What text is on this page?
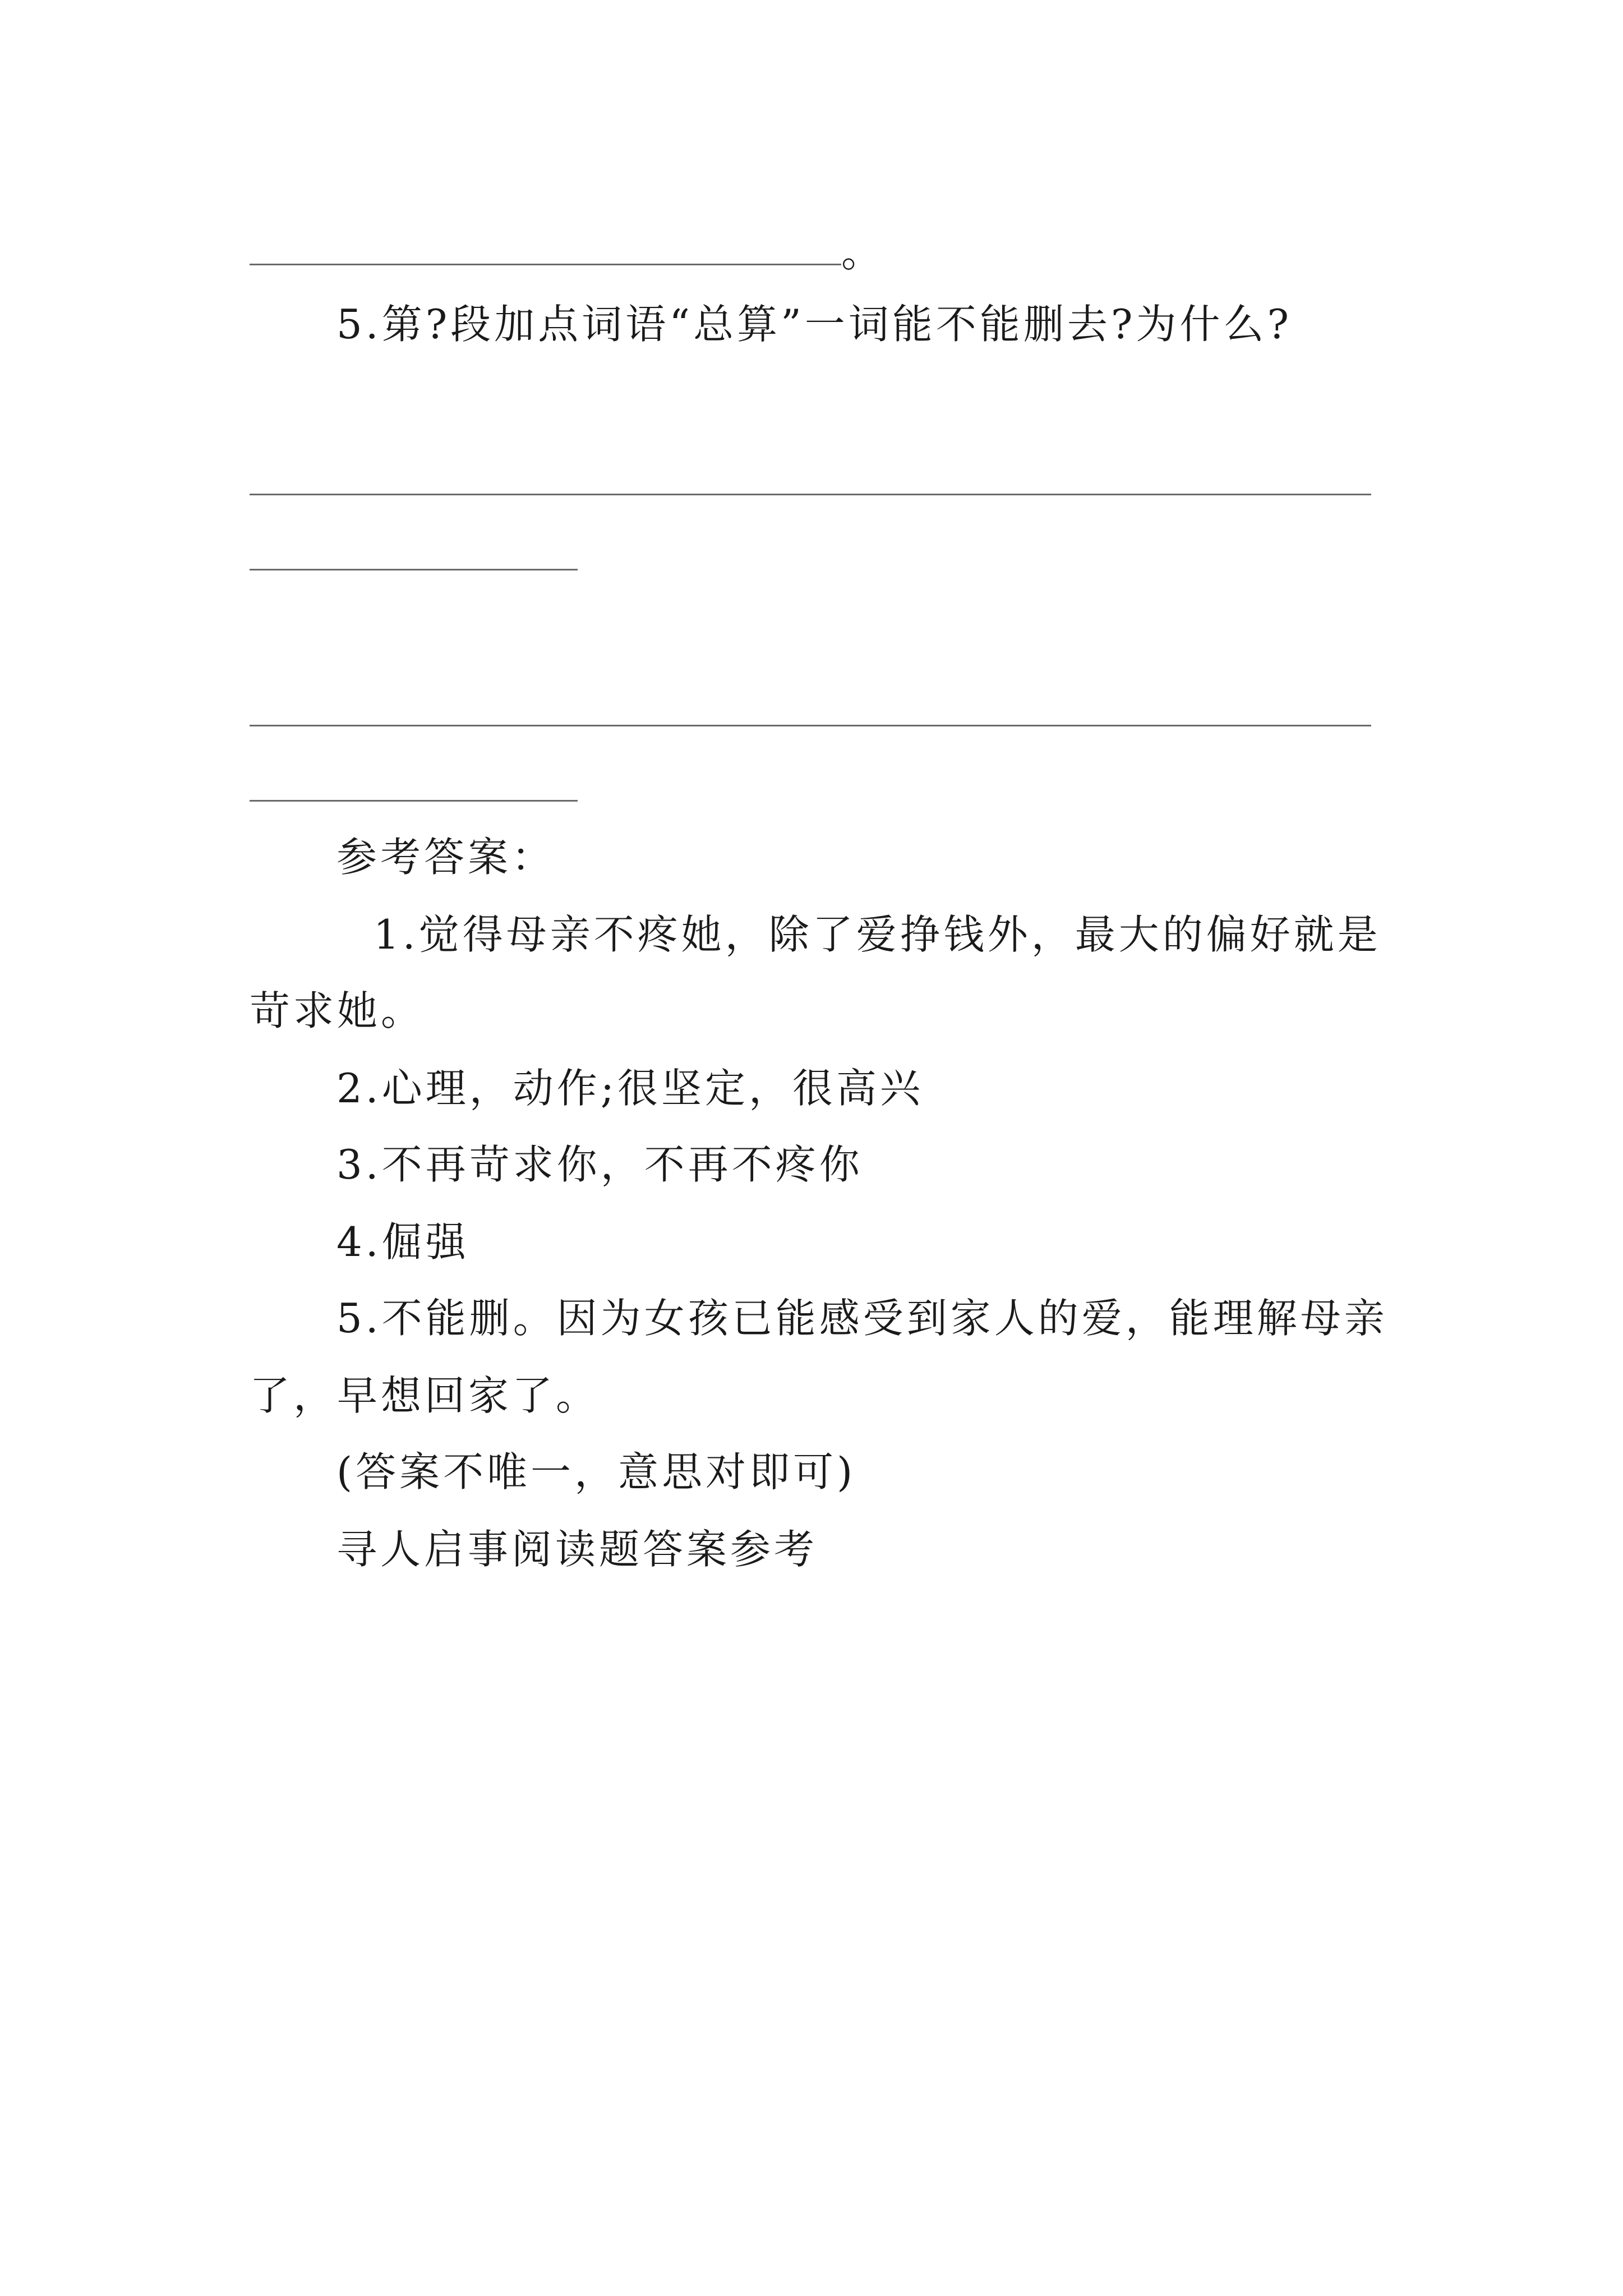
。
5.第?段加点词语“总算”一词能不能删去?为什么?
参考答案：
1.觉得母亲不疼她，除了爱挣钱外，最大的偏好就是
苛求她。
2.心理，动作;很坚定，很高兴
3.不再苛求你，不再不疼你
4.倔强
5.不能删。因为女孩已能感受到家人的爱，能理解母亲
了，早想回家了。
(答案不唯一，意思对即可)
寻人启事阅读题答案参考
